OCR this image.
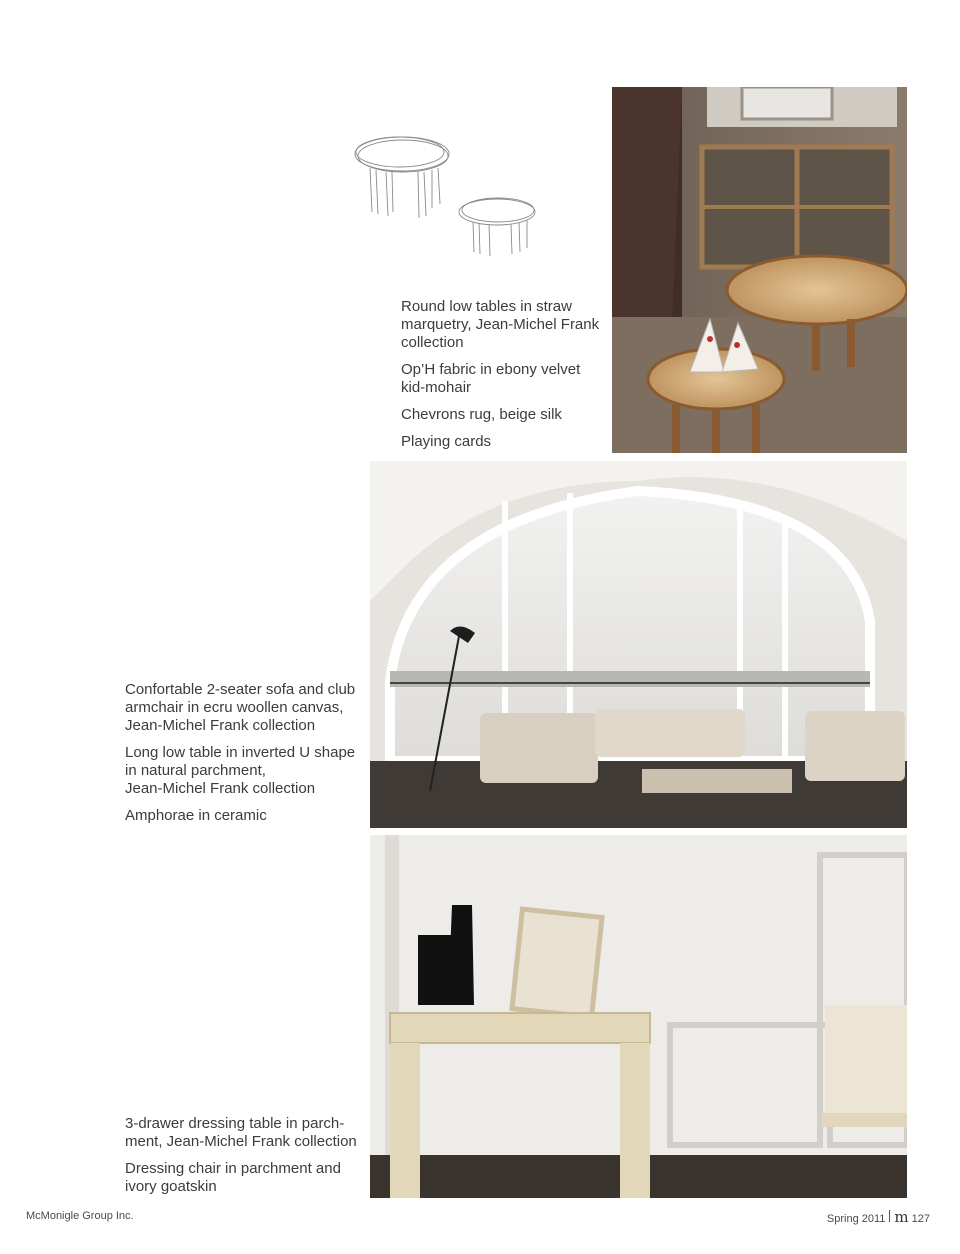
Round low tables in straw
marquetry, Jean-Michel Frank
collection

Op’H fabric in ebony velvet
kid-mohair

Chevrons rug, beige silk

Playing cards

Confortable 2-seater sofa and club
armchair in ecru woollen canvas,
Jean-Michel Frank collection

Long low table in inverted U shape
in natural parchment,
Jean-Michel Frank collection

Amphorae in ceramic

3-drawer dressing table in parch-
ment, Jean-Michel Frank collection

Dressing chair in parchment and
ivory goatskin

McMonigle Group Inc.	Spring 2011 m 127
